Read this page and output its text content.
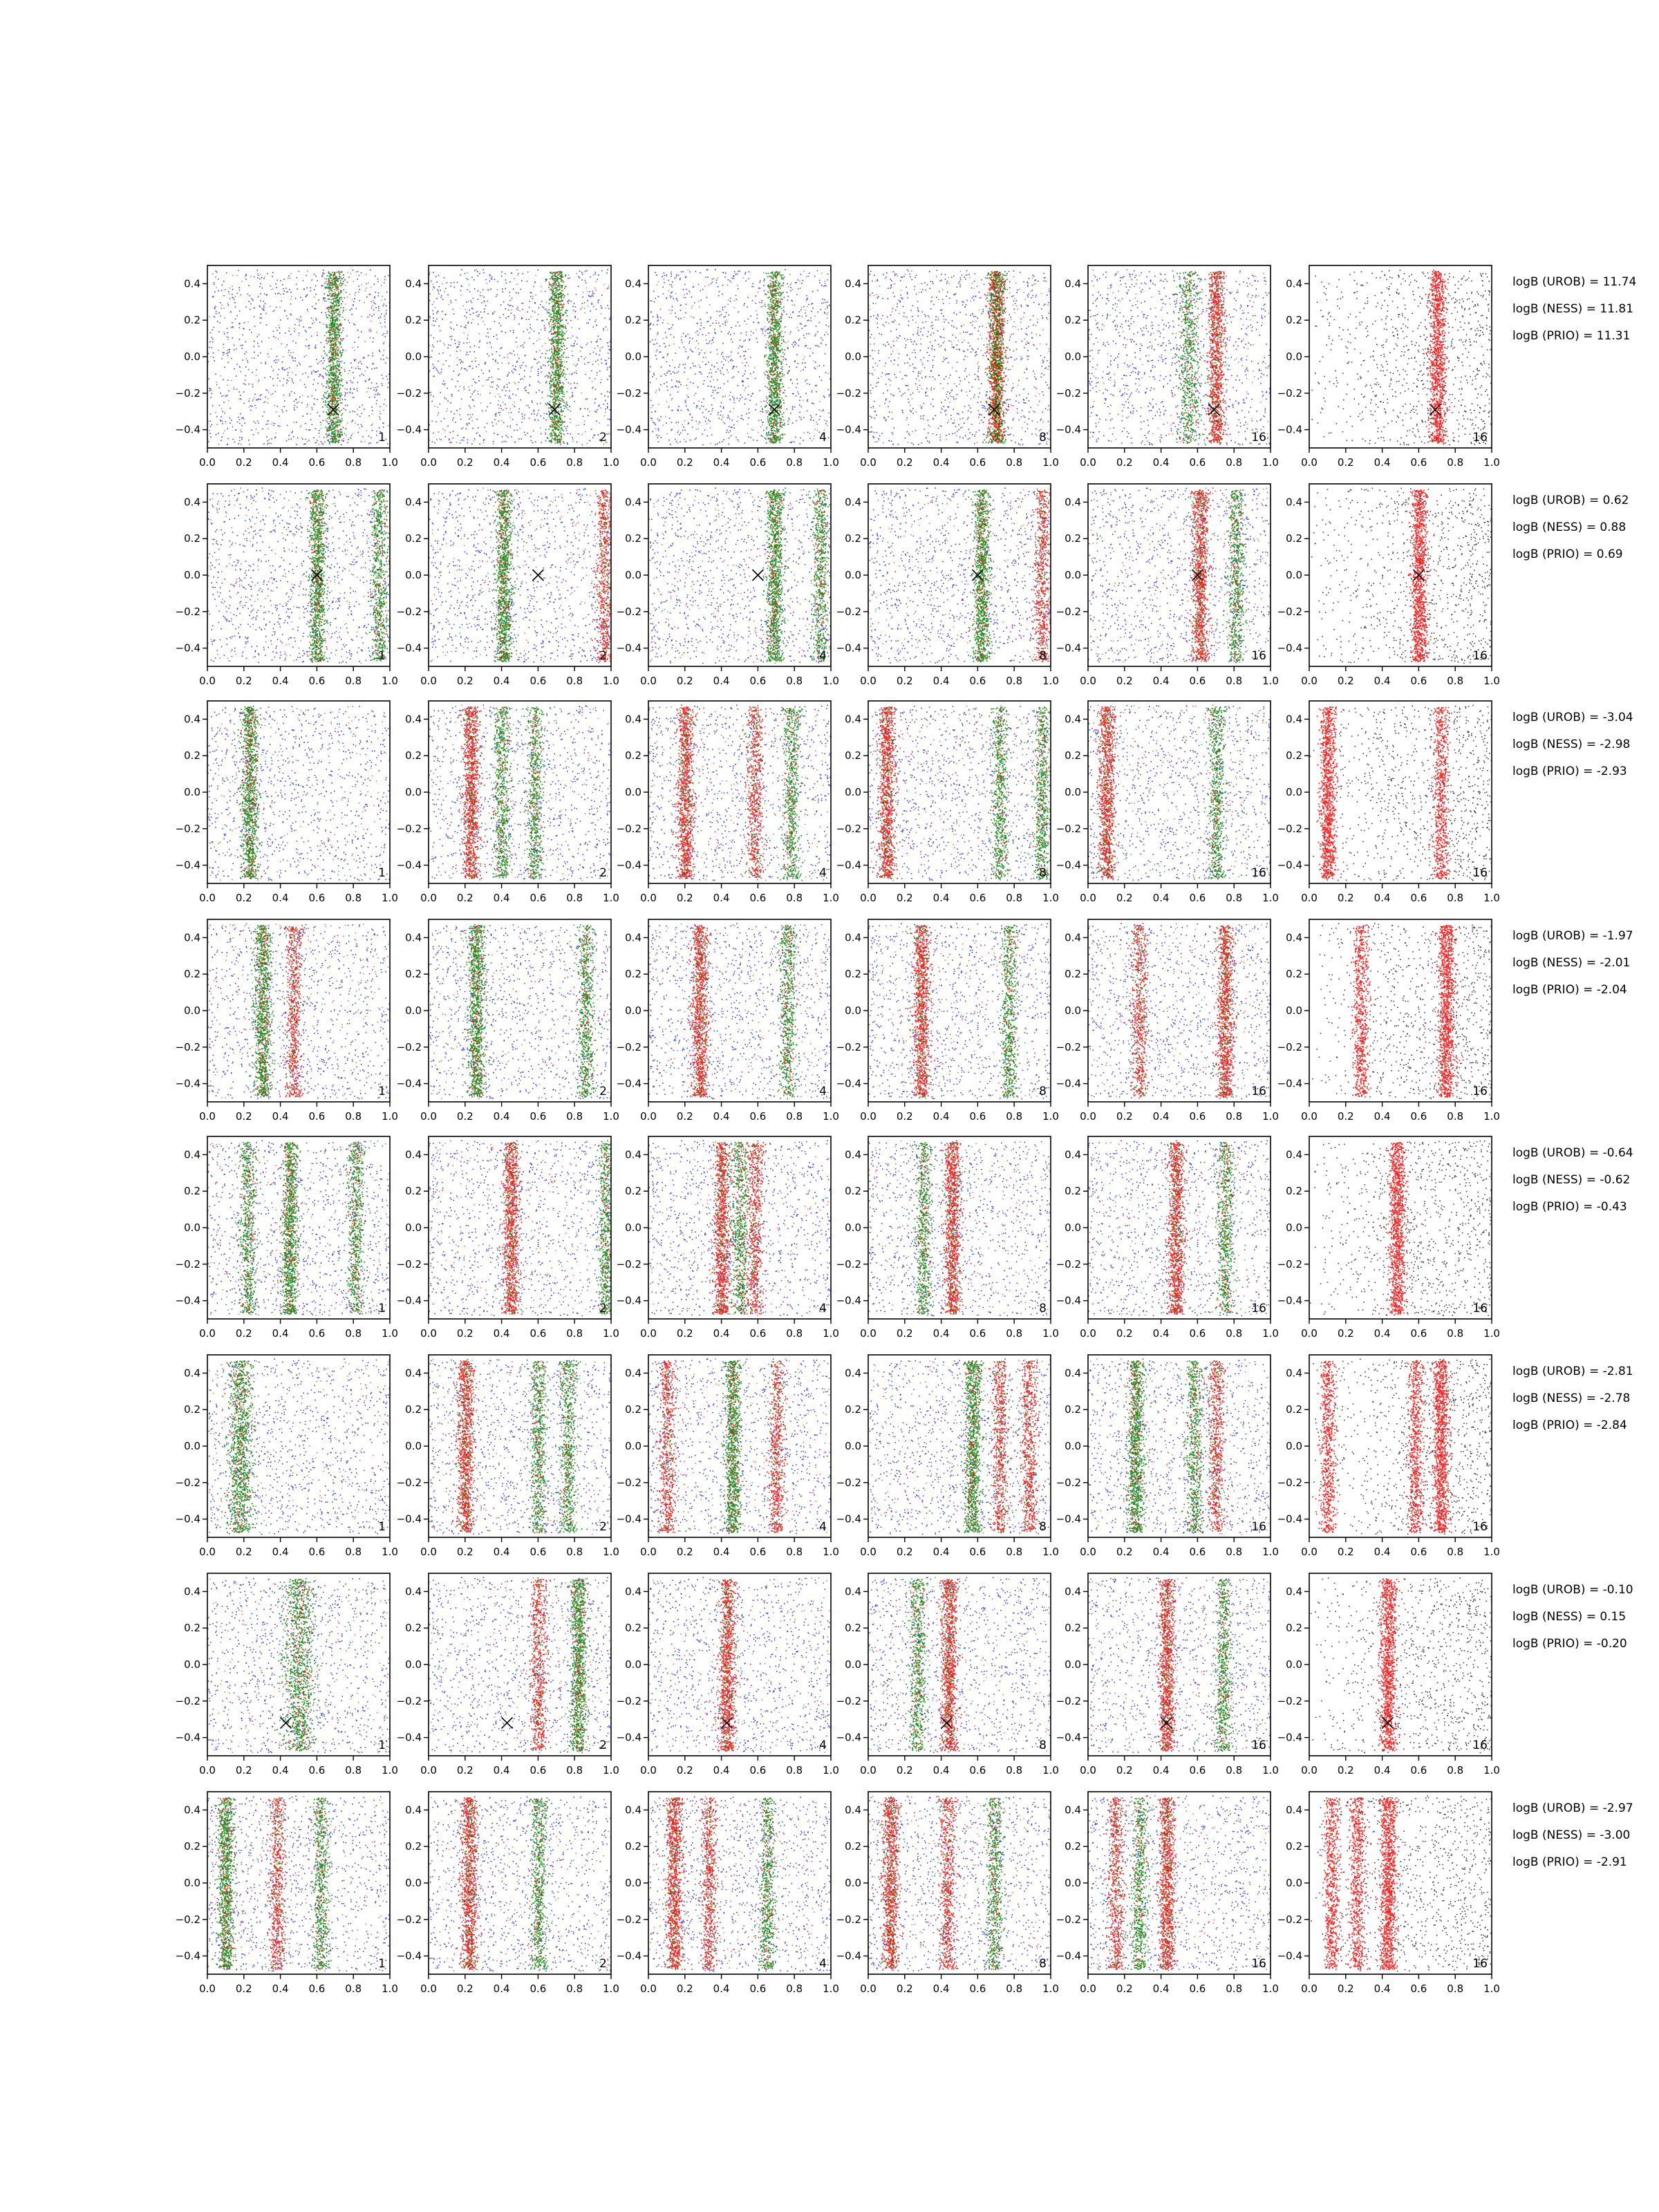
0.0 0.2 0.4 0.6 0.8 1.0
−0.4
−0.2
0.0
0.2
0.4
1
0.0 0.2 0.4 0.6 0.8 1.0
−0.4
−0.2
0.0
0.2
0.4
2
0.0 0.2 0.4 0.6 0.8 1.0
−0.4
−0.2
0.0
0.2
0.4
4
0.0 0.2 0.4 0.6 0.8 1.0
−0.4
−0.2
0.0
0.2
0.4
8
0.0 0.2 0.4 0.6 0.8 1.0
−0.4
−0.2
0.0
0.2
0.4
16
0.0 0.2 0.4 0.6 0.8 1.0
−0.4
−0.2
0.0
0.2
0.4
16
0.0 0.2 0.4 0.6 0.8 1.0
−0.4
−0.2
0.0
0.2
0.4
1
0.0 0.2 0.4 0.6 0.8 1.0
−0.4
−0.2
0.0
0.2
0.4
2
0.0 0.2 0.4 0.6 0.8 1.0
−0.4
−0.2
0.0
0.2
0.4
4
0.0 0.2 0.4 0.6 0.8 1.0
−0.4
−0.2
0.0
0.2
0.4
8
0.0 0.2 0.4 0.6 0.8 1.0
−0.4
−0.2
0.0
0.2
0.4
16
0.0 0.2 0.4 0.6 0.8 1.0
−0.4
−0.2
0.0
0.2
0.4
16
0.0 0.2 0.4 0.6 0.8 1.0
−0.4
−0.2
0.0
0.2
0.4
1
0.0 0.2 0.4 0.6 0.8 1.0
−0.4
−0.2
0.0
0.2
0.4
2
0.0 0.2 0.4 0.6 0.8 1.0
−0.4
−0.2
0.0
0.2
0.4
4
0.0 0.2 0.4 0.6 0.8 1.0
−0.4
−0.2
0.0
0.2
0.4
8
0.0 0.2 0.4 0.6 0.8 1.0
−0.4
−0.2
0.0
0.2
0.4
16
0.0 0.2 0.4 0.6 0.8 1.0
−0.4
−0.2
0.0
0.2
0.4
16
0.0 0.2 0.4 0.6 0.8 1.0
−0.4
−0.2
0.0
0.2
0.4
1
0.0 0.2 0.4 0.6 0.8 1.0
−0.4
−0.2
0.0
0.2
0.4
2
0.0 0.2 0.4 0.6 0.8 1.0
−0.4
−0.2
0.0
0.2
0.4
4
0.0 0.2 0.4 0.6 0.8 1.0
−0.4
−0.2
0.0
0.2
0.4
8
0.0 0.2 0.4 0.6 0.8 1.0
−0.4
−0.2
0.0
0.2
0.4
16
0.0 0.2 0.4 0.6 0.8 1.0
−0.4
−0.2
0.0
0.2
0.4
16
0.0 0.2 0.4 0.6 0.8 1.0
−0.4
−0.2
0.0
0.2
0.4
1
0.0 0.2 0.4 0.6 0.8 1.0
−0.4
−0.2
0.0
0.2
0.4
2
0.0 0.2 0.4 0.6 0.8 1.0
−0.4
−0.2
0.0
0.2
0.4
4
0.0 0.2 0.4 0.6 0.8 1.0
−0.4
−0.2
0.0
0.2
0.4
8
0.0 0.2 0.4 0.6 0.8 1.0
−0.4
−0.2
0.0
0.2
0.4
16
0.0 0.2 0.4 0.6 0.8 1.0
−0.4
−0.2
0.0
0.2
0.4
16
0.0 0.2 0.4 0.6 0.8 1.0
−0.4
−0.2
0.0
0.2
0.4
1
0.0 0.2 0.4 0.6 0.8 1.0
−0.4
−0.2
0.0
0.2
0.4
2
0.0 0.2 0.4 0.6 0.8 1.0
−0.4
−0.2
0.0
0.2
0.4
4
0.0 0.2 0.4 0.6 0.8 1.0
−0.4
−0.2
0.0
0.2
0.4
8
0.0 0.2 0.4 0.6 0.8 1.0
−0.4
−0.2
0.0
0.2
0.4
16
0.0 0.2 0.4 0.6 0.8 1.0
−0.4
−0.2
0.0
0.2
0.4
16
0.0 0.2 0.4 0.6 0.8 1.0
−0.4
−0.2
0.0
0.2
0.4
1
0.0 0.2 0.4 0.6 0.8 1.0
−0.4
−0.2
0.0
0.2
0.4
2
0.0 0.2 0.4 0.6 0.8 1.0
−0.4
−0.2
0.0
0.2
0.4
4
0.0 0.2 0.4 0.6 0.8 1.0
−0.4
−0.2
0.0
0.2
0.4
8
0.0 0.2 0.4 0.6 0.8 1.0
−0.4
−0.2
0.0
0.2
0.4
16
0.0 0.2 0.4 0.6 0.8 1.0
−0.4
−0.2
0.0
0.2
0.4
16
0.0 0.2 0.4 0.6 0.8 1.0
−0.4
−0.2
0.0
0.2
0.4
1
0.0 0.2 0.4 0.6 0.8 1.0
−0.4
−0.2
0.0
0.2
0.4
2
0.0 0.2 0.4 0.6 0.8 1.0
−0.4
−0.2
0.0
0.2
0.4
4
0.0 0.2 0.4 0.6 0.8 1.0
−0.4
−0.2
0.0
0.2
0.4
8
0.0 0.2 0.4 0.6 0.8 1.0
−0.4
−0.2
0.0
0.2
0.4
16
0.0 0.2 0.4 0.6 0.8 1.0
−0.4
−0.2
0.0
0.2
0.4
16
logB (UROB) = 11.74
logB (NESS) = 11.81
logB (PRIO) = 11.31
logB (UROB) = 0.62
logB (NESS) = 0.88
logB (PRIO) = 0.69
logB (UROB) = -3.04
logB (NESS) = -2.98
logB (PRIO) = -2.93
logB (UROB) = -1.97
logB (NESS) = -2.01
logB (PRIO) = -2.04
logB (UROB) = -0.64
logB (NESS) = -0.62
logB (PRIO) = -0.43
logB (UROB) = -2.81
logB (NESS) = -2.78
logB (PRIO) = -2.84
logB (UROB) = -0.10
logB (NESS) = 0.15
logB (PRIO) = -0.20
logB (UROB) = -2.97
logB (NESS) = -3.00
logB (PRIO) = -2.91
